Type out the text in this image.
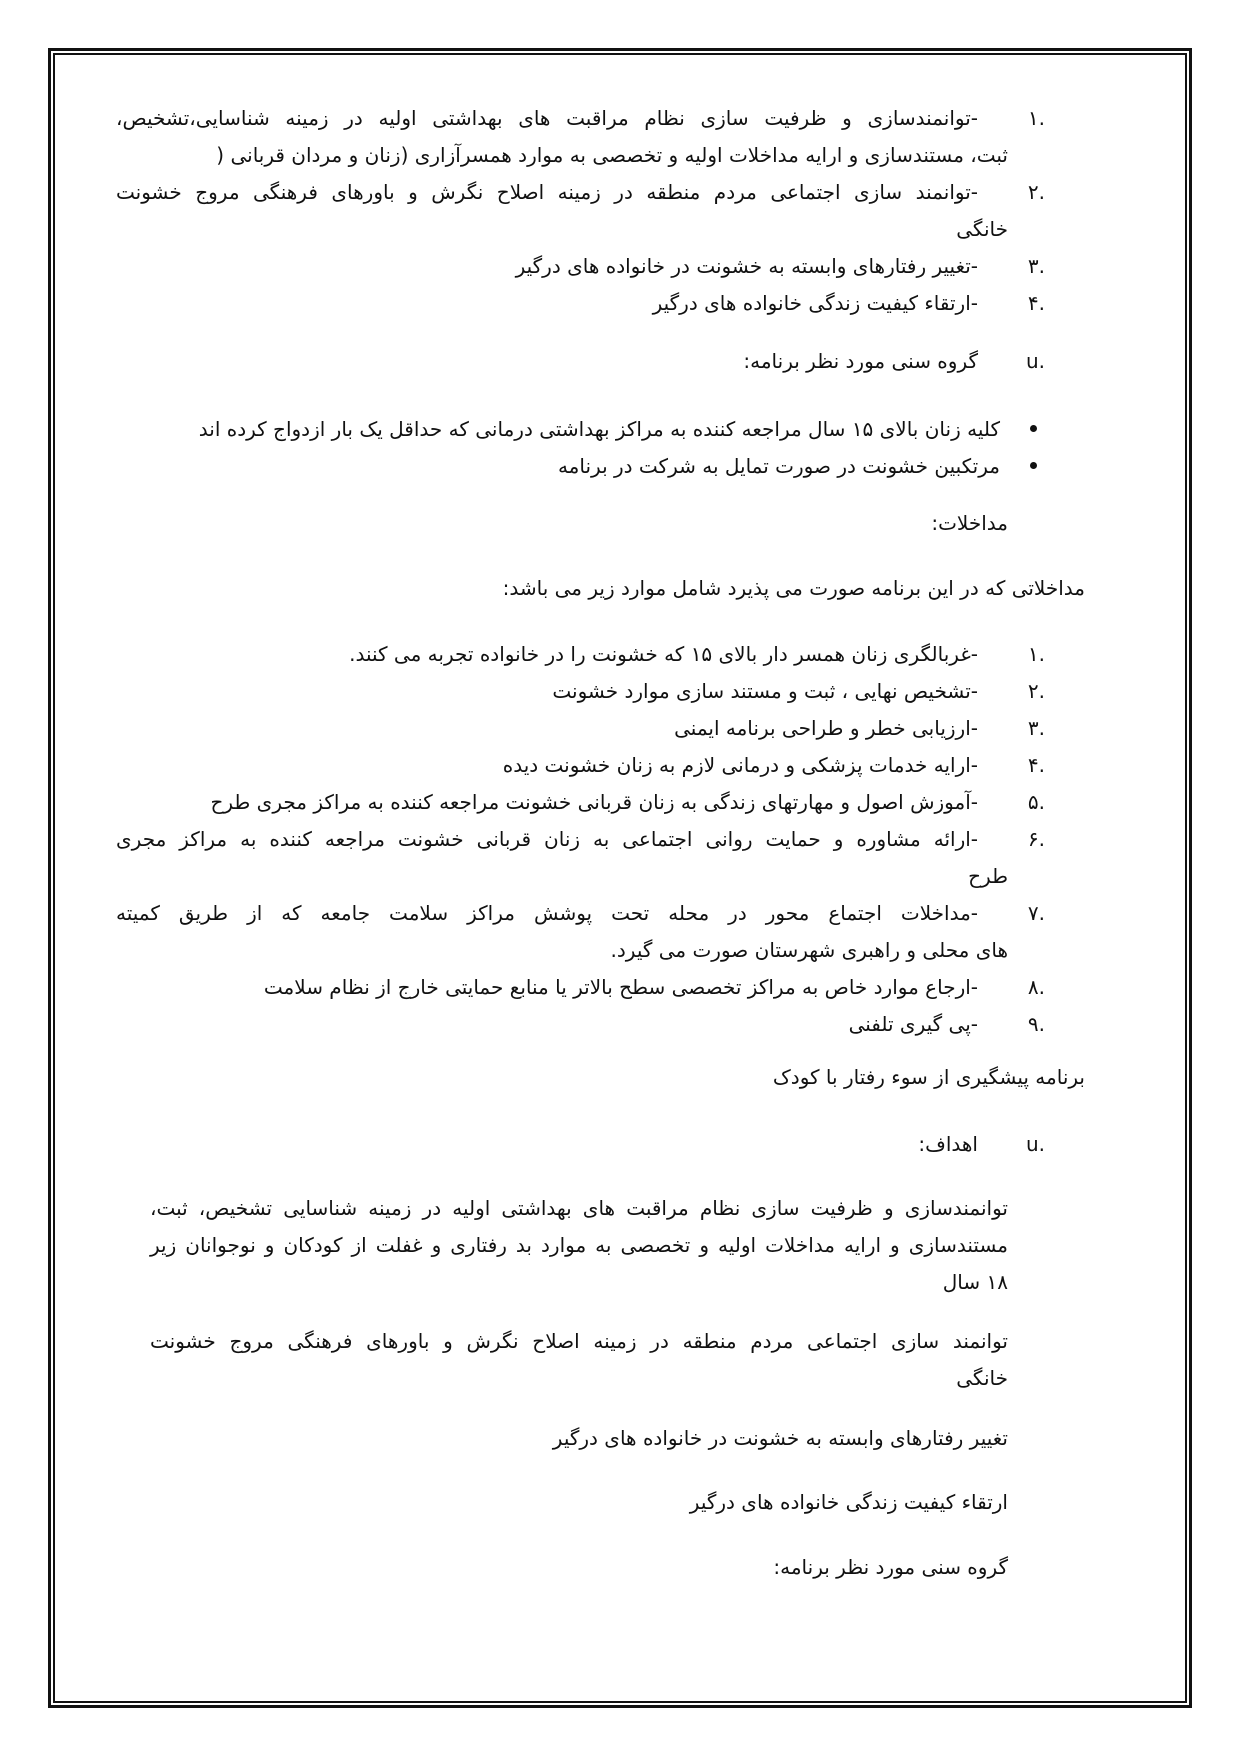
.۱
-توانمندسازی و ظرفیت سازی نظام مراقبت های بهداشتی اولیه در زمینه شناسایی،تشخیص،
ثبت، مستندسازی و ارایه مداخلات اولیه و تخصصی به موارد همسرآزاری (زنان و مردان قربانی (
.۲
-توانمند سازی اجتماعی مردم منطقه در زمینه اصلاح نگرش و باورهای فرهنگی مروج خشونت
خانگی
.۳
-تغییر رفتارهای وابسته به خشونت در خانواده های درگیر
.۴
-ارتقاء کیفیت زندگی خانواده های درگیر
.u
گروه سنی مورد نظر برنامه:
کلیه زنان بالای ۱۵ سال مراجعه کننده به مراکز بهداشتی درمانی که حداقل یک بار ازدواج کرده اند
مرتکبین خشونت در صورت تمایل به شرکت در برنامه
مداخلات:
مداخلاتی که در این برنامه صورت می پذیرد شامل موارد زیر می باشد:
.۱
-غربالگری زنان همسر دار بالای ۱۵ که خشونت را در خانواده تجربه می کنند.
.۲
-تشخیص نهایی ، ثبت و مستند سازی موارد خشونت
.۳
-ارزیابی خطر و طراحی برنامه ایمنی
.۴
-ارایه خدمات پزشکی و درمانی لازم به زنان خشونت دیده
.۵
-آموزش اصول و مهارتهای زندگی به زنان قربانی خشونت مراجعه کننده به مراکز مجری طرح
.۶
-ارائه مشاوره و حمایت روانی اجتماعی به زنان قربانی خشونت مراجعه کننده به مراکز مجری
طرح
.۷
-مداخلات اجتماع محور در محله تحت پوشش مراکز سلامت جامعه که از طریق کمیته
های محلی و راهبری شهرستان صورت می گیرد.
.۸
-ارجاع موارد خاص به مراکز تخصصی سطح بالاتر یا منابع حمایتی خارج از نظام سلامت
.۹
-پی گیری تلفنی
برنامه پیشگیری از سوء رفتار با کودک
.u
اهداف:
توانمندسازی و ظرفیت سازی نظام مراقبت های بهداشتی اولیه در زمینه شناسایی تشخیص، ثبت،
مستندسازی و ارایه مداخلات اولیه و تخصصی به موارد بد رفتاری و غفلت از کودکان و نوجوانان زیر
۱۸ سال
توانمند سازی اجتماعی مردم منطقه در زمینه اصلاح نگرش و باورهای فرهنگی مروج خشونت
خانگی
تغییر رفتارهای وابسته به خشونت در خانواده های درگیر
ارتقاء کیفیت زندگی خانواده های درگیر
گروه سنی مورد نظر برنامه:
